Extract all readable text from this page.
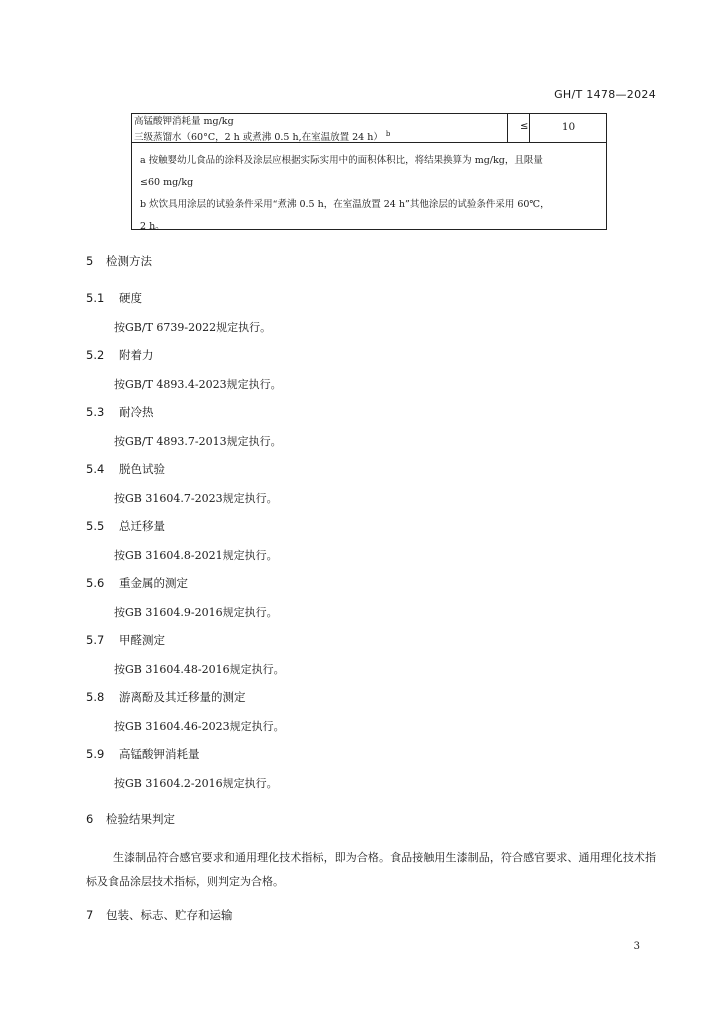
GH/T 1478—2024
高锰酸钾消耗量 mg/kg
三级蒸馏水（60°C，2 h 或煮沸 0.5 h,在室温放置 24 h） $^b$
≤	10
a 按触婴幼儿食品的涂料及涂层应根据实际实用中的面积体积比，将结果换算为 mg/kg，且限量
≤60 mg/kg
b 炊饮具用涂层的试验条件采用“煮沸 0.5 h，在室温放置 24 h”其他涂层的试验条件采用 60℃，
2 h。
5 检测方法
5.1 硬度
按GB/T 6739-2022规定执行。
5.2 附着力
按GB/T 4893.4-2023规定执行。
5.3 耐冷热
按GB/T 4893.7-2013规定执行。
5.4 脱色试验
按GB 31604.7-2023规定执行。
5.5 总迁移量
按GB 31604.8-2021规定执行。
5.6 重金属的测定
按GB 31604.9-2016规定执行。
5.7 甲醛测定
按GB 31604.48-2016规定执行。
5.8 游离酚及其迁移量的测定
按GB 31604.46-2023规定执行。
5.9 高锰酸钾消耗量
按GB 31604.2-2016规定执行。
6 检验结果判定
生漆制品符合感官要求和通用理化技术指标，即为合格。食品接触用生漆制品，符合感官要求、通用理化技术指标及食品涂层技术指标，则判定为合格。
7 包装、标志、贮存和运输
3
